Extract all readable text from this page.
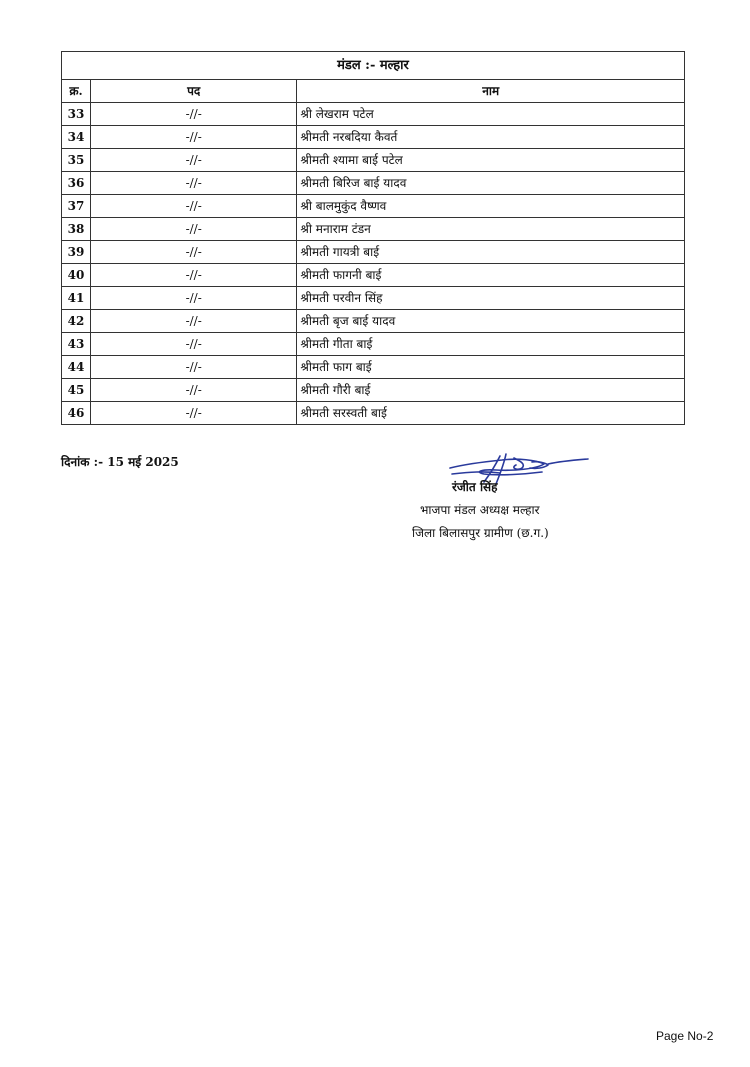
मंडल :- मल्हार		
क्र.	पद	नाम
33	-//-	श्री लेखराम पटेल
34	-//-	श्रीमती नरबदिया कैवर्त
35	-//-	श्रीमती श्यामा बाई पटेल
36	-//-	श्रीमती बिरिज बाई यादव
37	-//-	श्री बालमुकुंद वैष्णव
38	-//-	श्री मनाराम टंडन
39	-//-	श्रीमती गायत्री बाई
40	-//-	श्रीमती फागनी बाई
41	-//-	श्रीमती परवीन सिंह
42	-//-	श्रीमती बृज बाई यादव
43	-//-	श्रीमती गीता बाई
44	-//-	श्रीमती फाग बाई
45	-//-	श्रीमती गौरी बाई
46	-//-	श्रीमती सरस्वती बाई
दिनांक :- 15 मई 2025
रंजीत सिंह
भाजपा मंडल अध्यक्ष मल्हार
जिला बिलासपुर ग्रामीण (छ.ग.)
Page No-2
